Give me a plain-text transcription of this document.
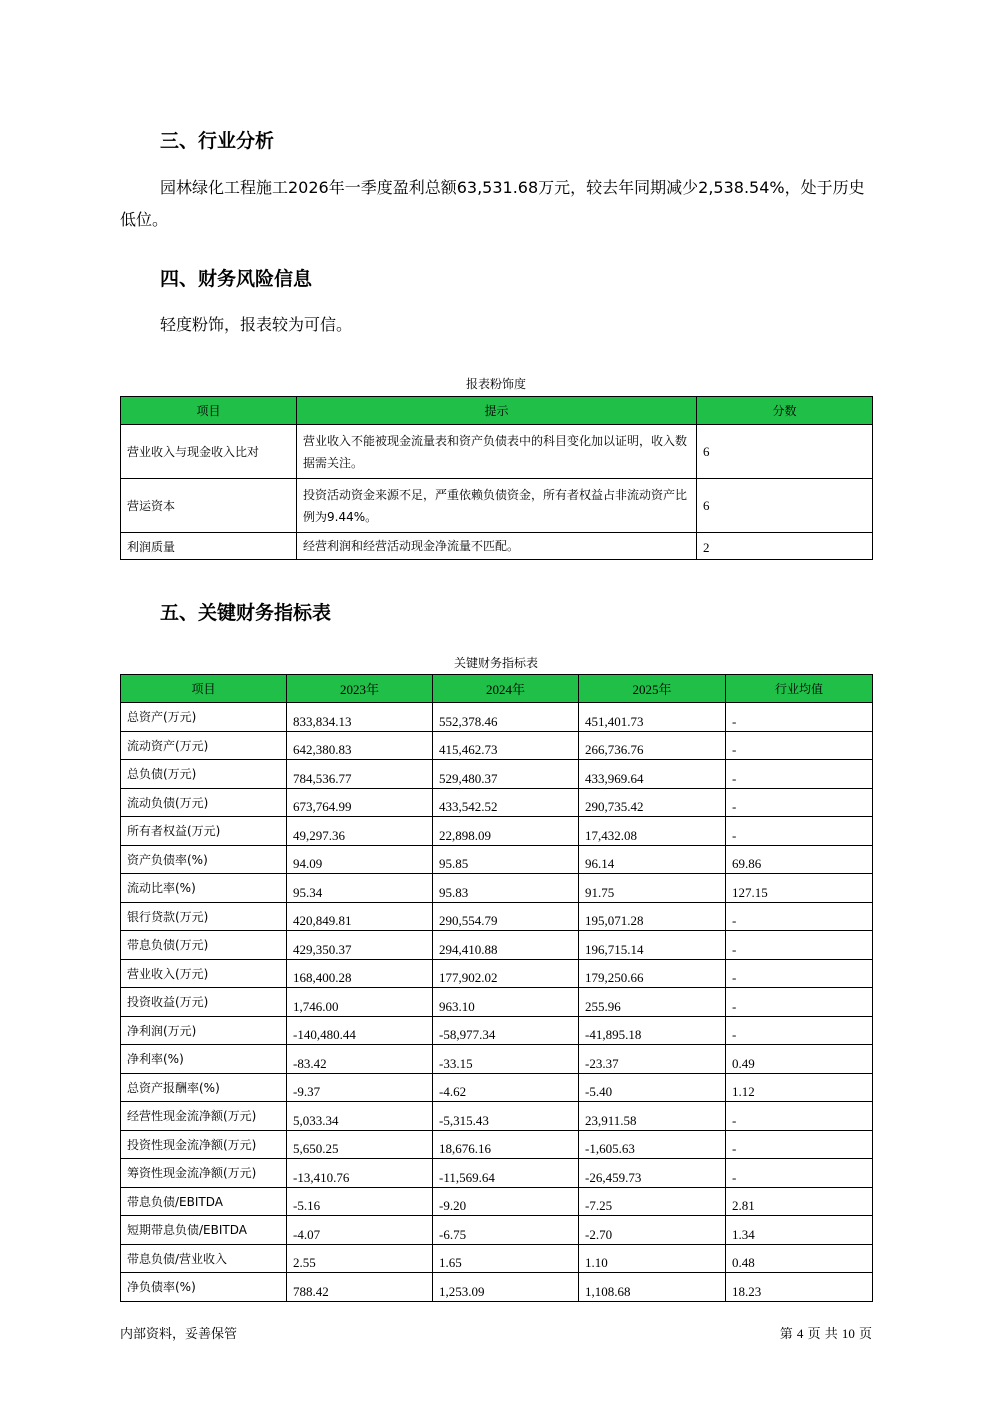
三、行业分析

园林绿化工程施工2026年一季度盈利总额63,531.68万元，较去年同期减少2,538.54%，处于历史低位。

四、财务风险信息

轻度粉饰，报表较为可信。

报表粉饰度
项目	提示	分数
营业收入与现金收入比对	营业收入不能被现金流量表和资产负债表中的科目变化加以证明，收入数据需关注。	6
营运资本	投资活动资金来源不足，严重依赖负债资金，所有者权益占非流动资产比例为9.44%。	6
利润质量	经营利润和经营活动现金净流量不匹配。	2
五、关键财务指标表
关键财务指标表
项目	2023年	2024年	2025年	行业均值
总资产(万元)	833,834.13	552,378.46	451,401.73	-
流动资产(万元)	642,380.83	415,462.73	266,736.76	-
总负债(万元)	784,536.77	529,480.37	433,969.64	-
流动负债(万元)	673,764.99	433,542.52	290,735.42	-
所有者权益(万元)	49,297.36	22,898.09	17,432.08	-
资产负债率(%)	94.09	95.85	96.14	69.86
流动比率(%)	95.34	95.83	91.75	127.15
银行贷款(万元)	420,849.81	290,554.79	195,071.28	-
带息负债(万元)	429,350.37	294,410.88	196,715.14	-
营业收入(万元)	168,400.28	177,902.02	179,250.66	-
投资收益(万元)	1,746.00	963.10	255.96	-
净利润(万元)	-140,480.44	-58,977.34	-41,895.18	-
净利率(%)	-83.42	-33.15	-23.37	0.49
总资产报酬率(%)	-9.37	-4.62	-5.40	1.12
经营性现金流净额(万元)	5,033.34	-5,315.43	23,911.58	-
投资性现金流净额(万元)	5,650.25	18,676.16	-1,605.63	-
筹资性现金流净额(万元)	-13,410.76	-11,569.64	-26,459.73	-
带息负债/EBITDA	-5.16	-9.20	-7.25	2.81
短期带息负债/EBITDA	-4.07	-6.75	-2.70	1.34
带息负债/营业收入	2.55	1.65	1.10	0.48
净负债率(%)	788.42	1,253.09	1,108.68	18.23
内部资料，妥善保管	第 4 页 共 10 页
